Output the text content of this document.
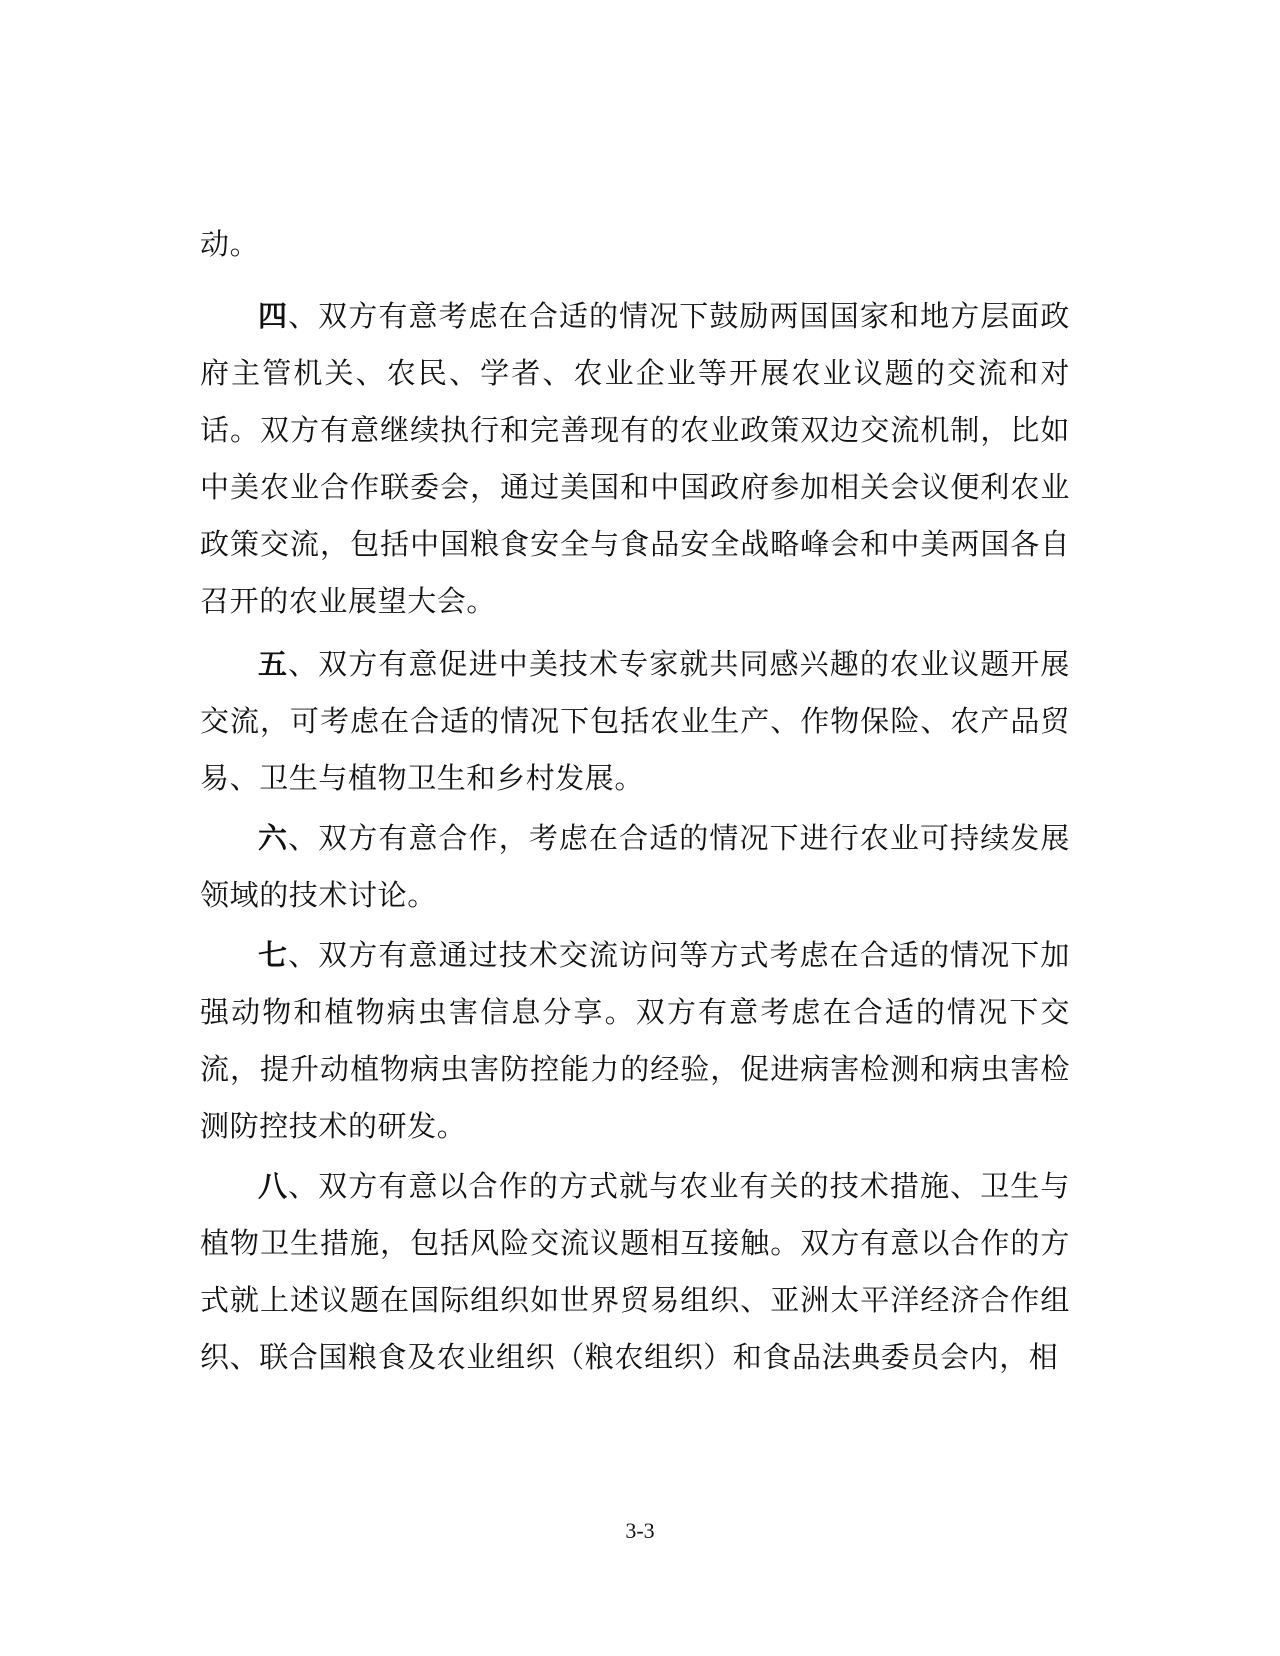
动。

四、双方有意考虑在合适的情况下鼓励两国国家和地方层面政府主管机关、农民、学者、农业企业等开展农业议题的交流和对话。双方有意继续执行和完善现有的农业政策双边交流机制，比如中美农业合作联委会，通过美国和中国政府参加相关会议便利农业政策交流，包括中国粮食安全与食品安全战略峰会和中美两国各自召开的农业展望大会。

五、双方有意促进中美技术专家就共同感兴趣的农业议题开展交流，可考虑在合适的情况下包括农业生产、作物保险、农产品贸易、卫生与植物卫生和乡村发展。

六、双方有意合作，考虑在合适的情况下进行农业可持续发展领域的技术讨论。

七、双方有意通过技术交流访问等方式考虑在合适的情况下加强动物和植物病虫害信息分享。双方有意考虑在合适的情况下交流，提升动植物病虫害防控能力的经验，促进病害检测和病虫害检测防控技术的研发。

八、双方有意以合作的方式就与农业有关的技术措施、卫生与植物卫生措施，包括风险交流议题相互接触。双方有意以合作的方式就上述议题在国际组织如世界贸易组织、亚洲太平洋经济合作组织、联合国粮食及农业组织（粮农组织）和食品法典委员会内，相

3-3
